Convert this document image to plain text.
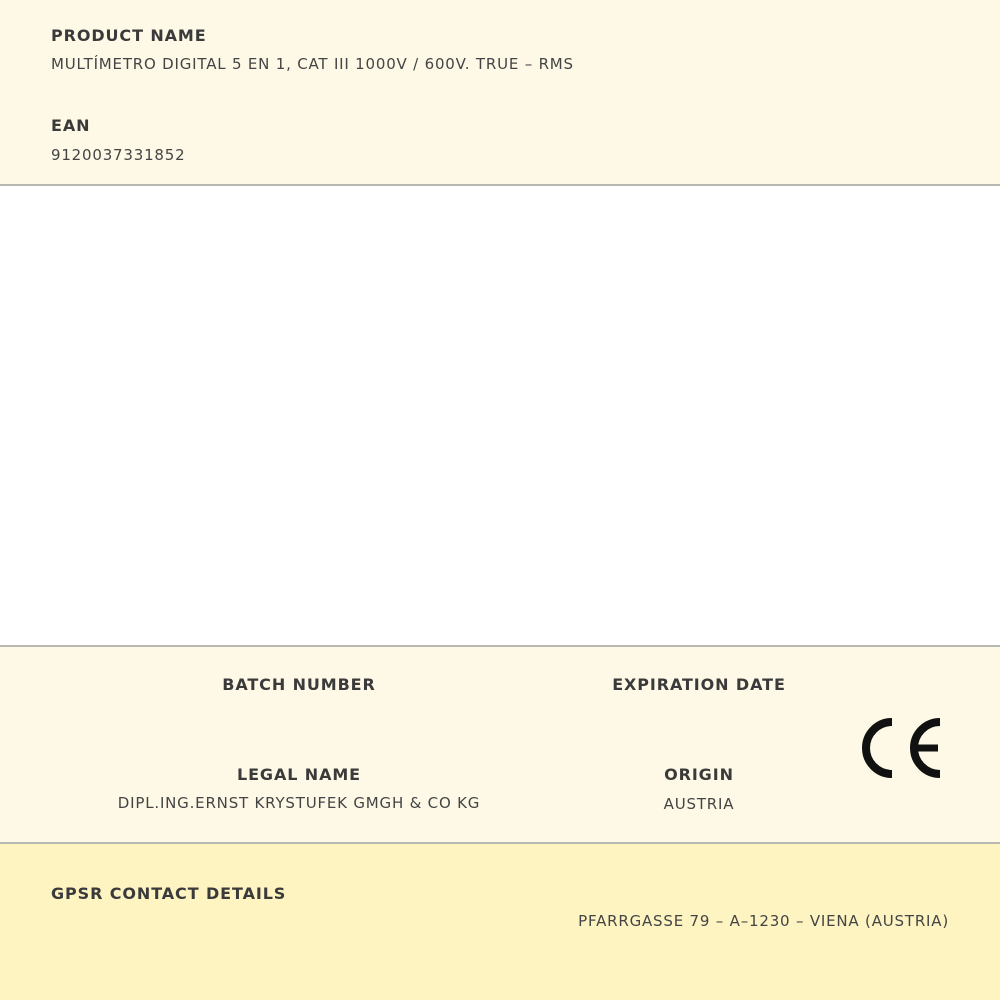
PRODUCT NAME
MULTÍMETRO DIGITAL 5 EN 1, CAT III 1000V / 600V. TRUE – RMS
EAN
9120037331852
BATCH NUMBER	EXPIRATION DATE
LEGAL NAME
DIPL.ING.ERNST KRYSTUFEK GMGH & CO KG
ORIGIN
AUSTRIA
GPSR CONTACT DETAILS
PFARRGASSE 79 – A–1230 – VIENA (AUSTRIA)
